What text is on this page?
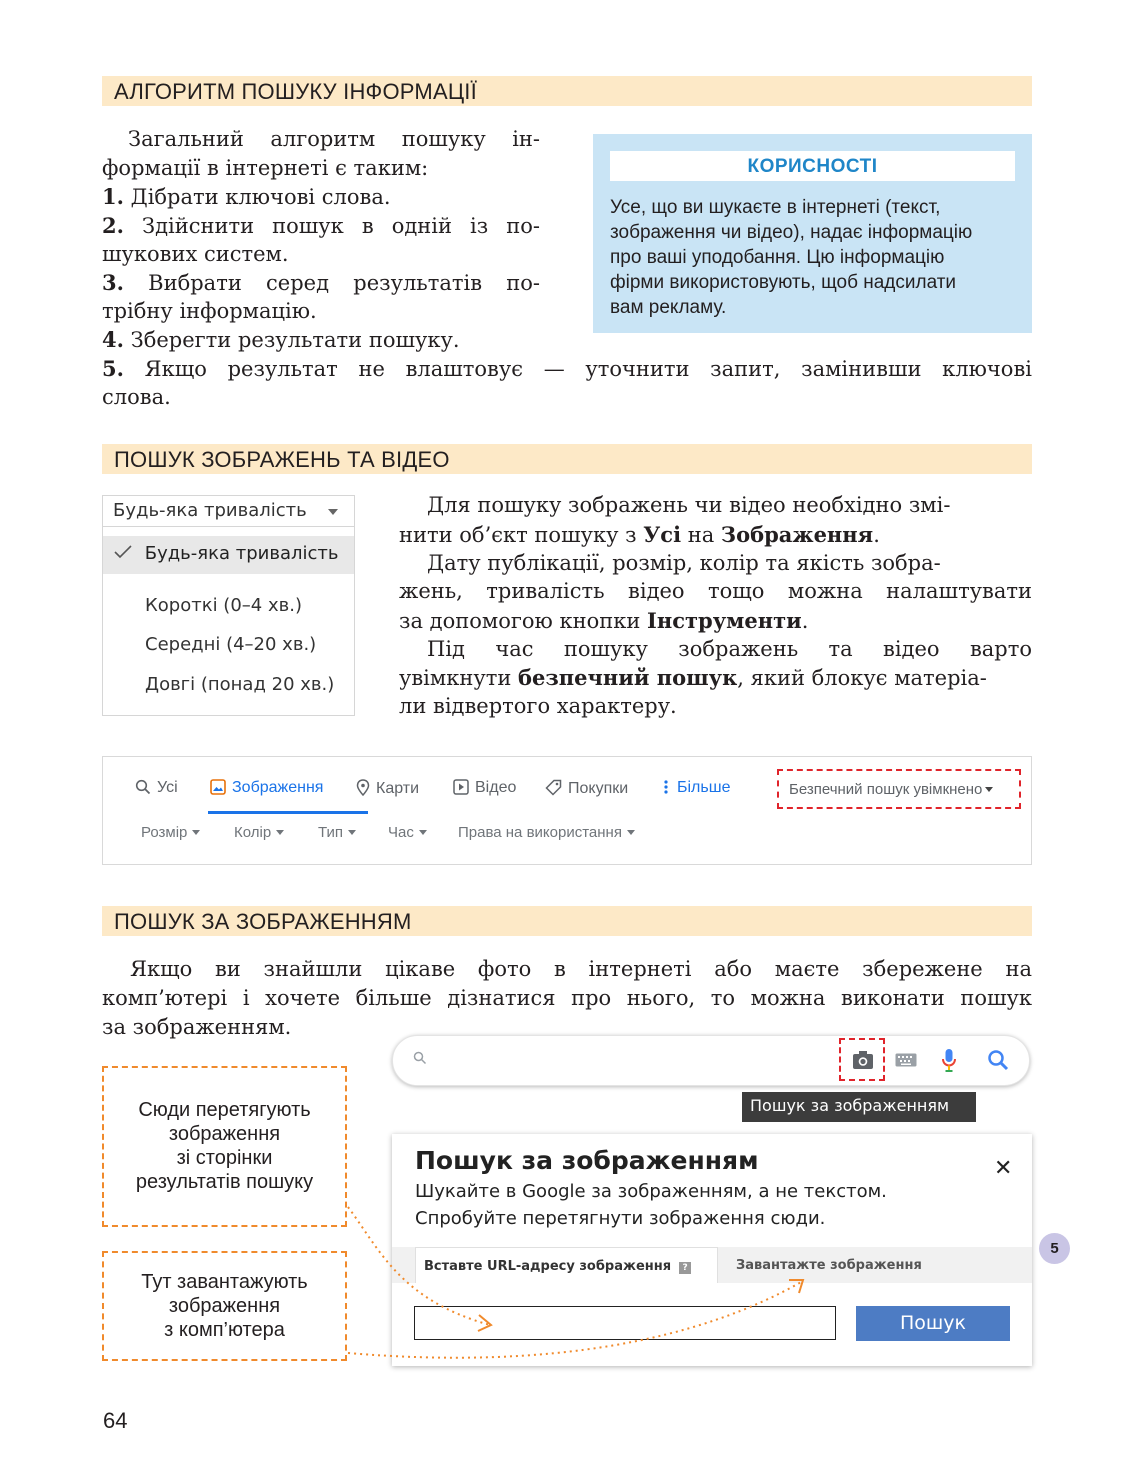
АЛГОРИТМ ПОШУКУ ІНФОРМАЦІЇ
Загальний алгоритм пошуку ін-
формації в інтернеті є таким:
1. Дібрати ключові слова.
2. Здійснити пошук в одній із по-
шукових систем.
3. Вибрати серед результатів по-
трібну інформацію.
4. Зберегти результати пошуку.
5. Якщо результат не влаштовує — уточнити запит, замінивши ключові
слова.
КОРИСНОСТІ
Усе, що ви шукаєте в інтернеті (текст,
зображення чи відео), надає інформацію
про ваші уподобання. Цю інформацію
фірми використовують, щоб надсилати
вам рекламу.
ПОШУК ЗОБРАЖЕНЬ ТА ВІДЕО
Будь-яка тривалість
Будь-яка тривалість
Короткі (0–4 хв.)
Середні (4–20 хв.)
Довгі (понад 20 хв.)
Для пошуку зображень чи відео необхідно змі-
нити об’єкт пошуку з Усі на Зображення.
Дату публікації, розмір, колір та якість зобра-
жень, тривалість відео тощо можна налаштувати
за допомогою кнопки Інструменти.
Під час пошуку зображень та відео варто
увімкнути безпечний пошук, який блокує матеріа-
ли відвертого характеру.
Усі	Зображення	Карти	Відео	Покупки	Більше
Розмір	Колір	Тип	Час	Права на використання
Безпечний пошук увімкнено
ПОШУК ЗА ЗОБРАЖЕННЯМ
Якщо ви знайшли цікаве фото в інтернеті або маєте збережене на
комп’ютері і хочете більше дізнатися про нього, то можна виконати пошук
за зображенням.
Пошук за зображенням
Пошук за зображенням	✕
Шукайте в Google за зображенням, а не текстом.
Спробуйте перетягнути зображення сюди.
Вставте URL-адресу зображення ?	Завантажте зображення
Пошук
Сюди перетягують
зображення
зі сторінки
результатів пошуку
Тут завантажують
зображення
з комп’ютера
5
64
